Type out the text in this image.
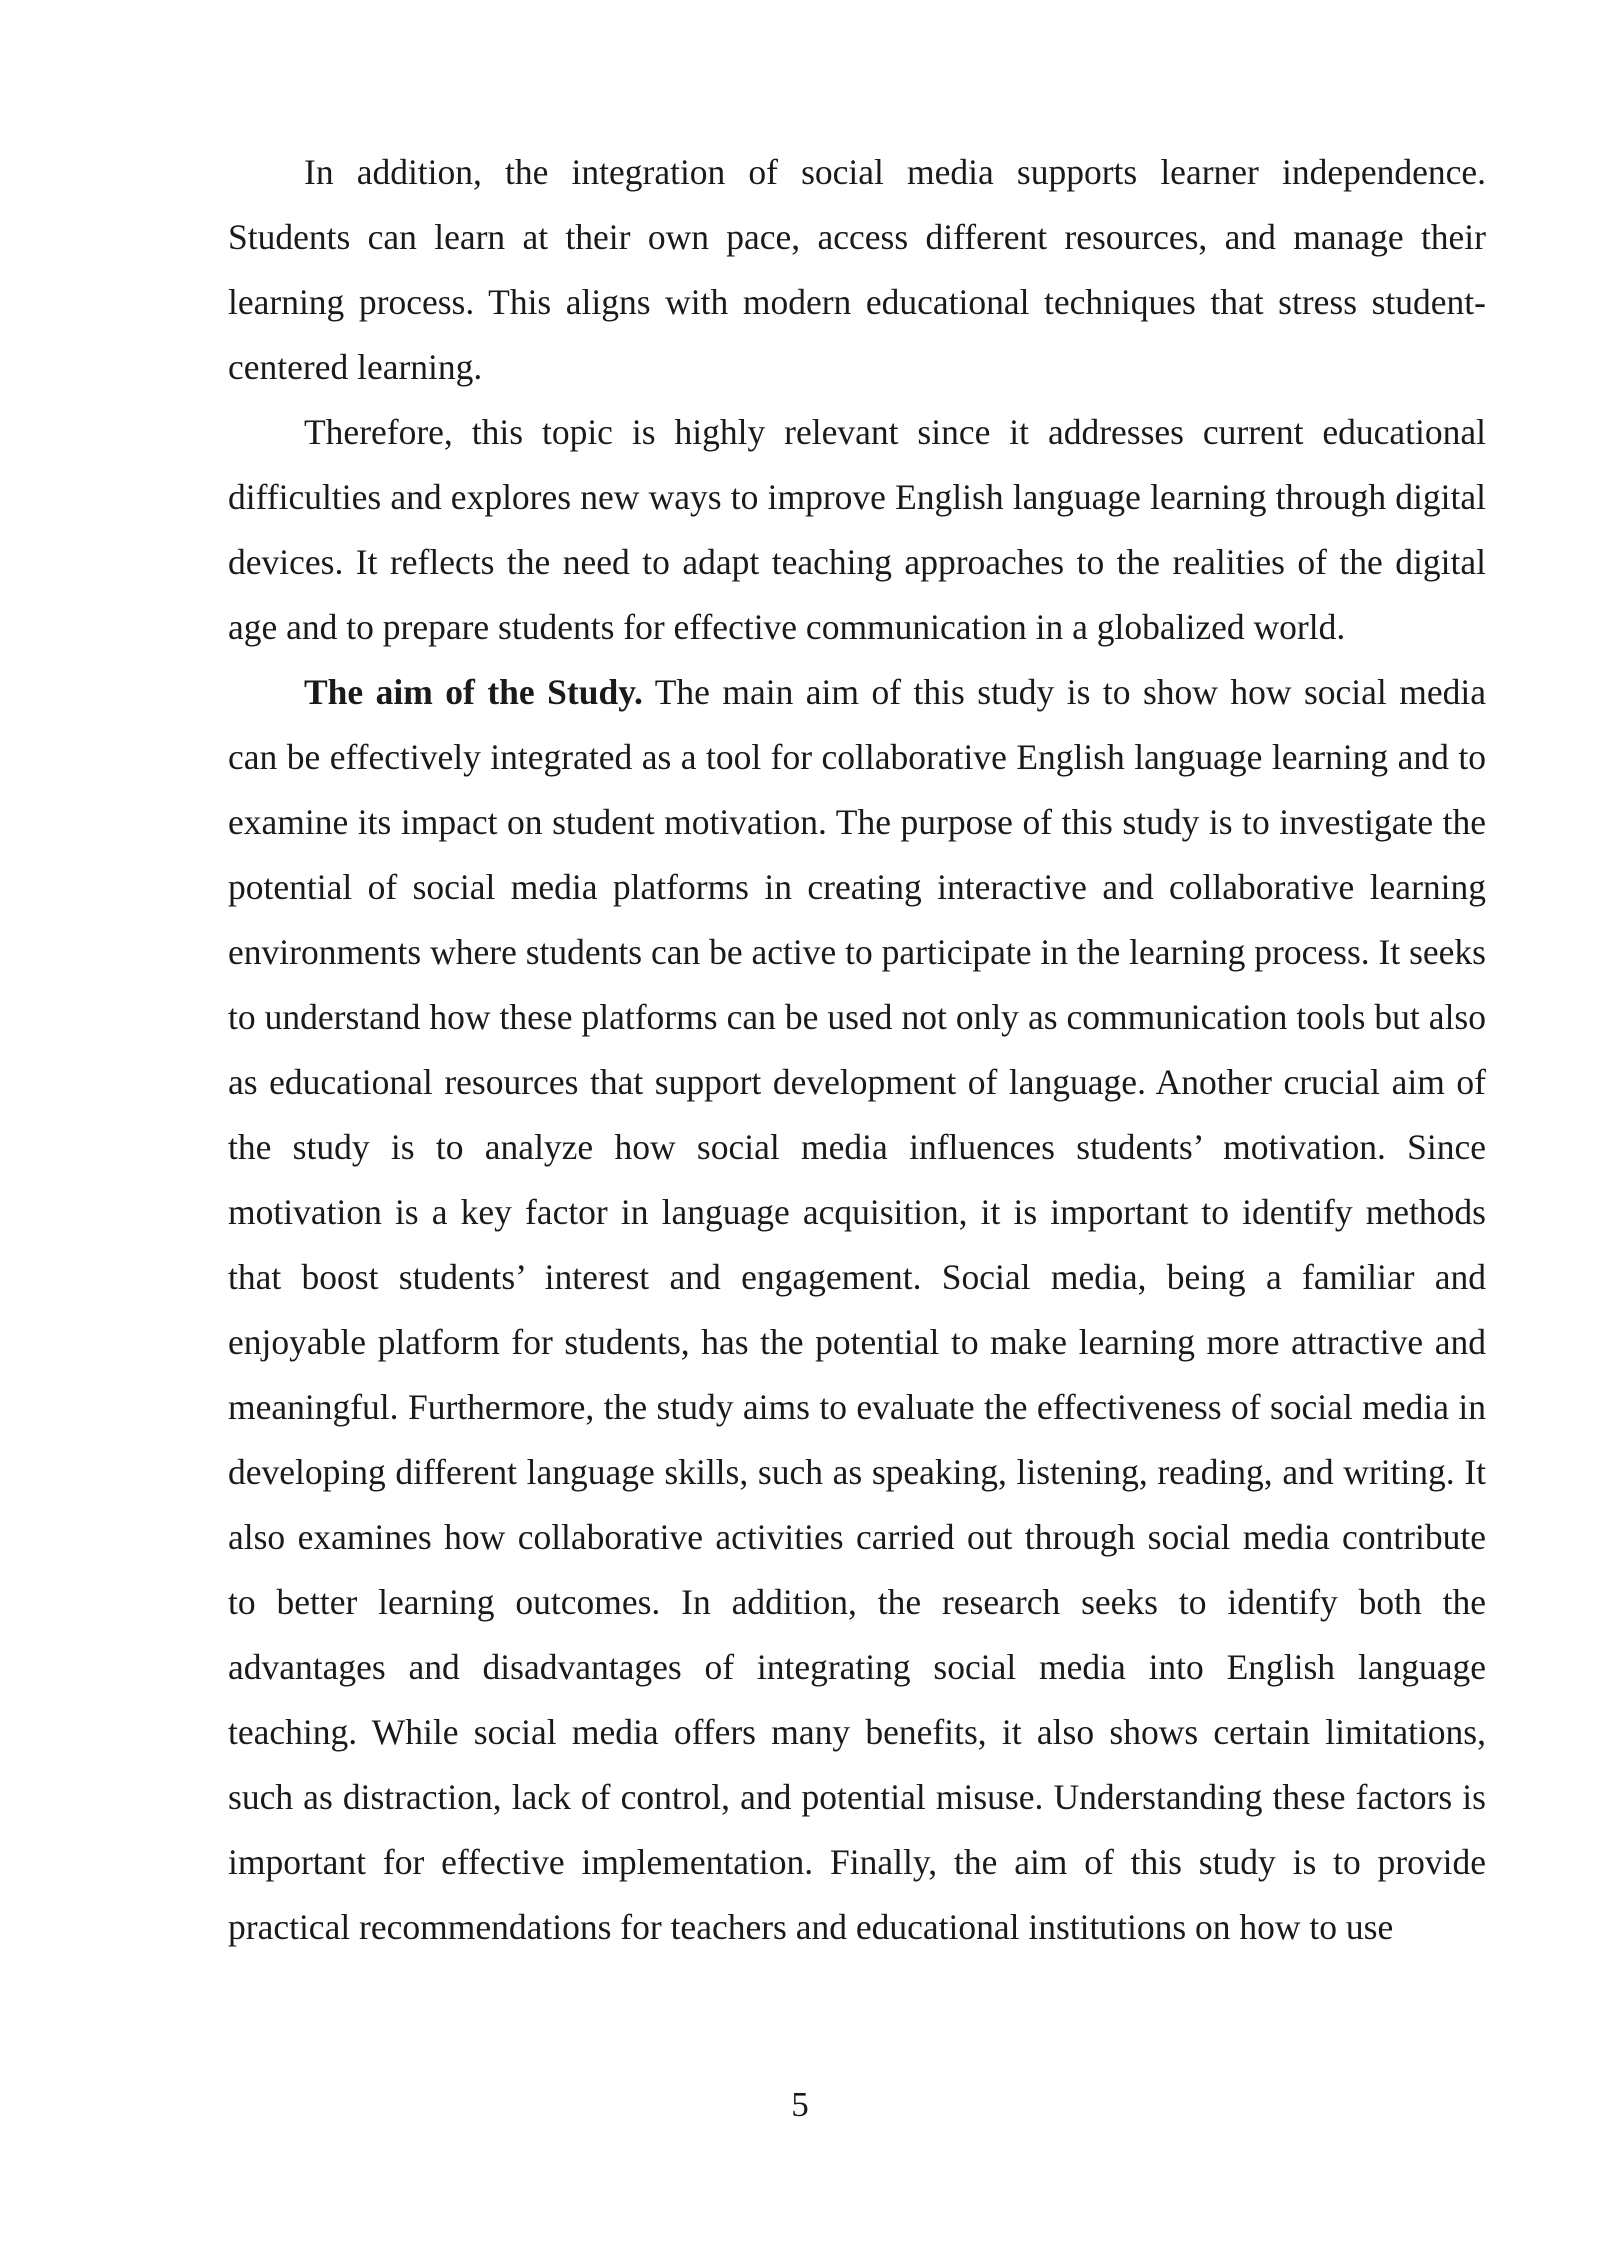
In addition, the integration of social media supports learner independence. Students can learn at their own pace, access different resources, and manage their learning process. This aligns with modern educational techniques that stress student-centered learning.

Therefore, this topic is highly relevant since it addresses current educational difficulties and explores new ways to improve English language learning through digital devices. It reflects the need to adapt teaching approaches to the realities of the digital age and to prepare students for effective communication in a globalized world.

The aim of the Study. The main aim of this study is to show how social media can be effectively integrated as a tool for collaborative English language learning and to examine its impact on student motivation. The purpose of this study is to investigate the potential of social media platforms in creating interactive and collaborative learning environments where students can be active to participate in the learning process. It seeks to understand how these platforms can be used not only as communication tools but also as educational resources that support development of language. Another crucial aim of the study is to analyze how social media influences students’ motivation. Since motivation is a key factor in language acquisition, it is important to identify methods that boost students’ interest and engagement. Social media, being a familiar and enjoyable platform for students, has the potential to make learning more attractive and meaningful. Furthermore, the study aims to evaluate the effectiveness of social media in developing different language skills, such as speaking, listening, reading, and writing. It also examines how collaborative activities carried out through social media contribute to better learning outcomes. In addition, the research seeks to identify both the advantages and disadvantages of integrating social media into English language teaching. While social media offers many benefits, it also shows certain limitations, such as distraction, lack of control, and potential misuse. Understanding these factors is important for effective implementation. Finally, the aim of this study is to provide practical recommendations for teachers and educational institutions on how to use

5
